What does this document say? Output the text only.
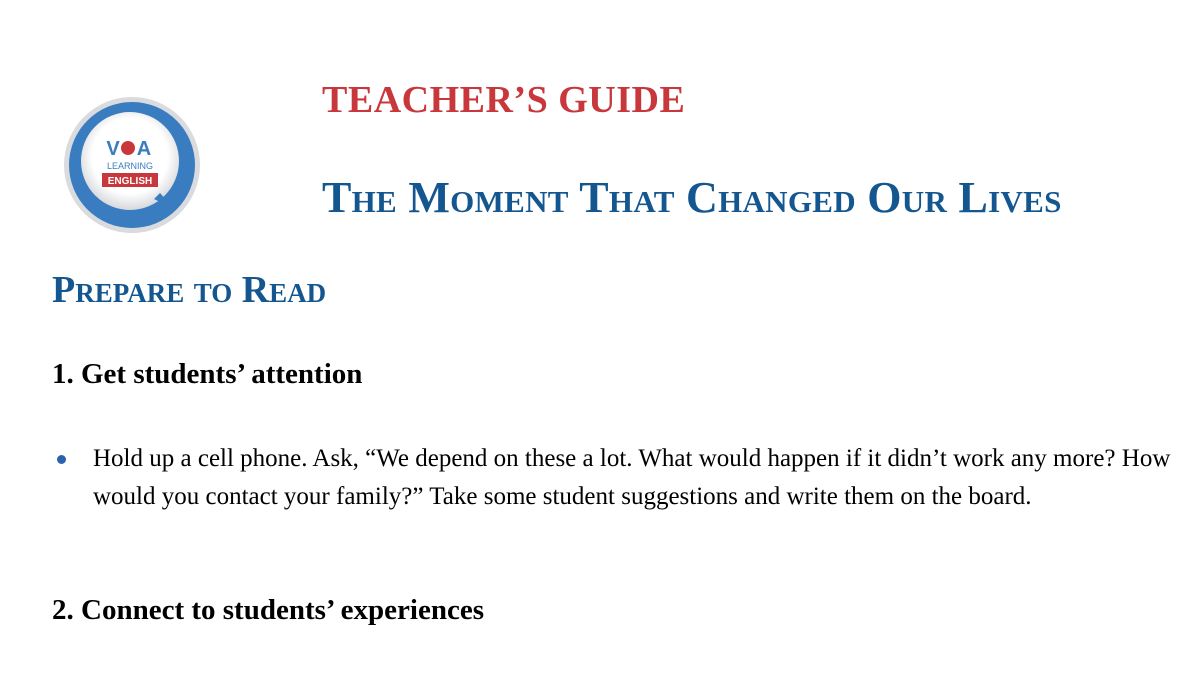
V A
LEARNING
ENGLISH
TEACHER’S GUIDE
The Moment That Changed Our Lives
Prepare to Read
1. Get students’ attention
Hold up a cell phone. Ask, “We depend on these a lot. What would happen if it didn’t work any more? How would you contact your family?” Take some student suggestions and write them on the board.
2. Connect to students’ experiences
